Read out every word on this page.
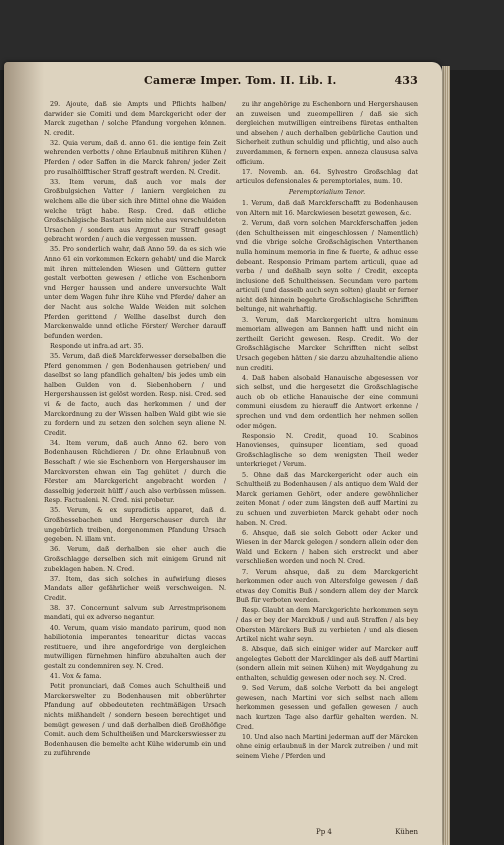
Cameræ Imper. Tom. II. Lib. I.	433

29. Ajoute, daß sie Ampts und Pflichts halben/ darwider sie Comiti und dem Marckgericht oder der Marck zugethan / solche Pfandung vorgehen können. N. credit.

32. Quia verum, daß d. anno 61. die ientige fein Zeit wehrenden verbotts / ohne Erlaubnuß mitihren Kühen / Pferden / oder Saffen in die Marck fahren/ jeder Zeit pro rusalhölfftischer Straff gestraft werden. N. Credit.

33. Item verum, daß auch vor mals der Großbulgsichen Vatter / laniern vergleichen zu welchem alle die über sich ihre Mittel ohne die Waiden welche trägt habe. Resp. Cred. daß etliche Großschälgische Bastart heim niche aus verschuldeten Ursachen / sondern aus Argmut zur Straff gesagt gebracht worden / auch die vergessen mussen.

35. Pro sonderlich wahr, daß Anno 59. da es sich wie Anno 61 ein vorkommen Eckern gehabt/ und die Marck mit ihren mittelenden Wiesen und Güttern gutter gestalt verbotten gewesen / etliche von Eschenborn vnd Herger haussen und andere unversuchte Walt unter dem Wagen fuhr ihre Kühe vnd Pferde/ daher an der Nacht aus solche Walde Weiden mit solchen Pferden gerittend / Wellhe daselbst durch den Marckenwalde unnd etliche Förster/ Wercher darauff befunden werden.

Responde ut infra.ad art. 35.

35. Verum, daß dieß Marckferwesser dersebalben die Pferd genommen / gen Bodenhausen getrieben/ und daselbst so lang pfandlich gehalten/ bis jedes umb ein halben Gulden von d. Siebenhobern / und Hergershaussen ist gelöst worden. Resp. nisi. Cred. sed vi & de facto, auch das herkommen / und der Marckordnung zu der Wissen halben Wald gibt wie sie zu fordern und zu setzen den solchen seyn aliene N. Credit.

34. Item verum, daß auch Anno 62. bero von Bodenhausen Rüchdieren / Dr. ohne Erlaubnuß von Besschaft / wie sie Eschenborn von Hergershauser im Marckvorsten ehwan ein Tag gehütet / durch die Förster am Marckgericht angebracht worden / dasselbig jederzeit hülff / auch also verbüssen müssen. Resp. Factualeni. N. Cred. nisi probetur.

35. Verum, & ex supradictis apparet, daß d. Großhessebachen und Hergerschauser durch ihr ungebürlich treiben, dorgenommen Pfandung Ursach gegeben. N. illam vnt.

36. Verum, daß derhalben sie eher auch die Großschlagge derselben sich mit einigem Grund nit zubeklagen haben. N. Cred.

37. Item, das sich solches in aufwirlung dieses Mandats aller gefährlicher weiß verschweigen. N. Credit.

38. 37. Concernunt salvum sub Arrestmprisonem mandati, qui ex adverso negantur.

40. Verum, quam visio mandato parirum, quod non habiliotonia imperantes tenearitur dictas vaccas restituere, und ihre angefordrige von dergleichen mutwilligen fürnehmen hinfüro abzuhalten auch der gestalt zu condemniren sey. N. Cred.

41. Vox & fama.

Petit pronunciari, daß Comes auch Schultheiß und Marckerswelter zu Bodenhausen mit obberührter Pfandung auf obbedeuteten rechtmäßigen Ursach nichts mißhandelt / sondern beseen berechtiget und bemügt gewesen / und daß derhalben dieß Großhöfige Comit. auch dem Schultheißen und Marckerswiesser zu Bodenhausen die bemelte acht Kühe widerumb ein und zu zuführende

zu ihr angehörige zu Eschenborn und Hergershausen an zuweisen und zueompelliren / daß sie sich dergleichen mutwilligen eintreibens füretas enthalten und absehen / auch derhalben gebürliche Caution und Sicherheit zuthun schuldig und pflichtig, und also auch zuverdammen, & fernern expen. anneza claususa salva officium.

17. Novemb. an. 64. Sylvestro Großschlag dat articulos defensionales & peremptoriales, num. 10.

Peremptorialium Tenor.

1. Verum, daß daß Marckferschafft zu Bodenhausen von Altern mit 16. Marckwiesen besetzt gewesen, &c.

2. Verum, daß vorn solchen Marckferschaffen jeden (den Schultheissen mit eingeschlossen / Namentlich) vnd die vbrige solche Großschägischen Vnterthanen nulla hominum memoria in fine & fuerte, & adhuc esse debeant. Responsio Primam partem articuli, quae ad verba / und deßhalb seyn solte / Credit, excepta inclusione deß Schultheissen. Secundam vero partem articuli (und dasselb auch seyn solten) glaubt er ferner nicht deß hinnein begehrte Großschlagische Schrifften beltunge, nit wahrhaftig.

3. Verum, daß Marckergericht ultra hominum memoriam allwegen am Bannen hafft und nicht ein zertheilt Gericht gewesen. Resp. Credit. Wo der Großschlägische Marcker Schrifften nicht selbst Ursach gegeben hätten / sie darzu abzuhaltendie alieno nun crediti.

4. Daß haben alsobald Hanauische abgesessen vor sich selbst, und die hergesetzt die Großschlagische auch ob ob etliche Hanauische der eine communi communi eiusdem zu hierauff die Antwort erkenne / sprechen und vnd dem ordentlich her nehmen sollen oder mögen.

Responsio N. Credit, quoad 10. Scabinos Hanovienses, quinsuper licentiam, sed quoad Großschlaglische so dem wenigsten Theil weder unterkrieget / Verum.

5. Ohne daß das Marckergericht oder auch ein Schultheiß zu Bodenhausen / als antiquo dem Wald der Marck geriamen Gehört, oder andere gewöhnlicher zeiten Monat / oder zum längsten deß auff Martini zu zu schuen und zuverbieten Marck gehabt oder noch haben. N. Cred.

6. Ahsque, daß sie solch Gebott oder Acker und Wiesen in der Marck gelegen / sondern allein oder den Wald und Eckern / haben sich erstreckt und aber verschließen worden und noch N. Cred.

7. Verum ahsque, daß zu dem Marckgericht herkommen oder auch von Altersfolge gewesen / daß etwas dey Comitis Buß / sondern allem dey der Marck Buß für verboten werden.

Resp. Glaubt an dem Marckgerichte herkommen seyn / das er bey der Marckbuß / und auß Straffen / als bey Obersten Märckers Buß zu verbieten / und als diesen Artikel nicht wahr seyn.

8. Absque, daß sich einiger wider auf Marcker auff angelegtes Gebott der Marcklinger als deß auff Martini (sondern allein mit seinen Kühen) mit Weydgahung zu enthalten, schuldig gewesen oder noch sey. N. Cred.

9. Sed Verum, daß solche Verbott da bei angelegt gewesen, nach Martini vor sich selbst nach allem herkommen gesessen und gefallen gewesen / auch nach kurtzen Tage also darfür gehalten werden. N. Cred.

10. Und also nach Martini jederman auff der Märcken ohne einig erlaubnuß in der Marck zutreiben / und mit seinem Viehe / Pferden und

Pp 4	Kühen
